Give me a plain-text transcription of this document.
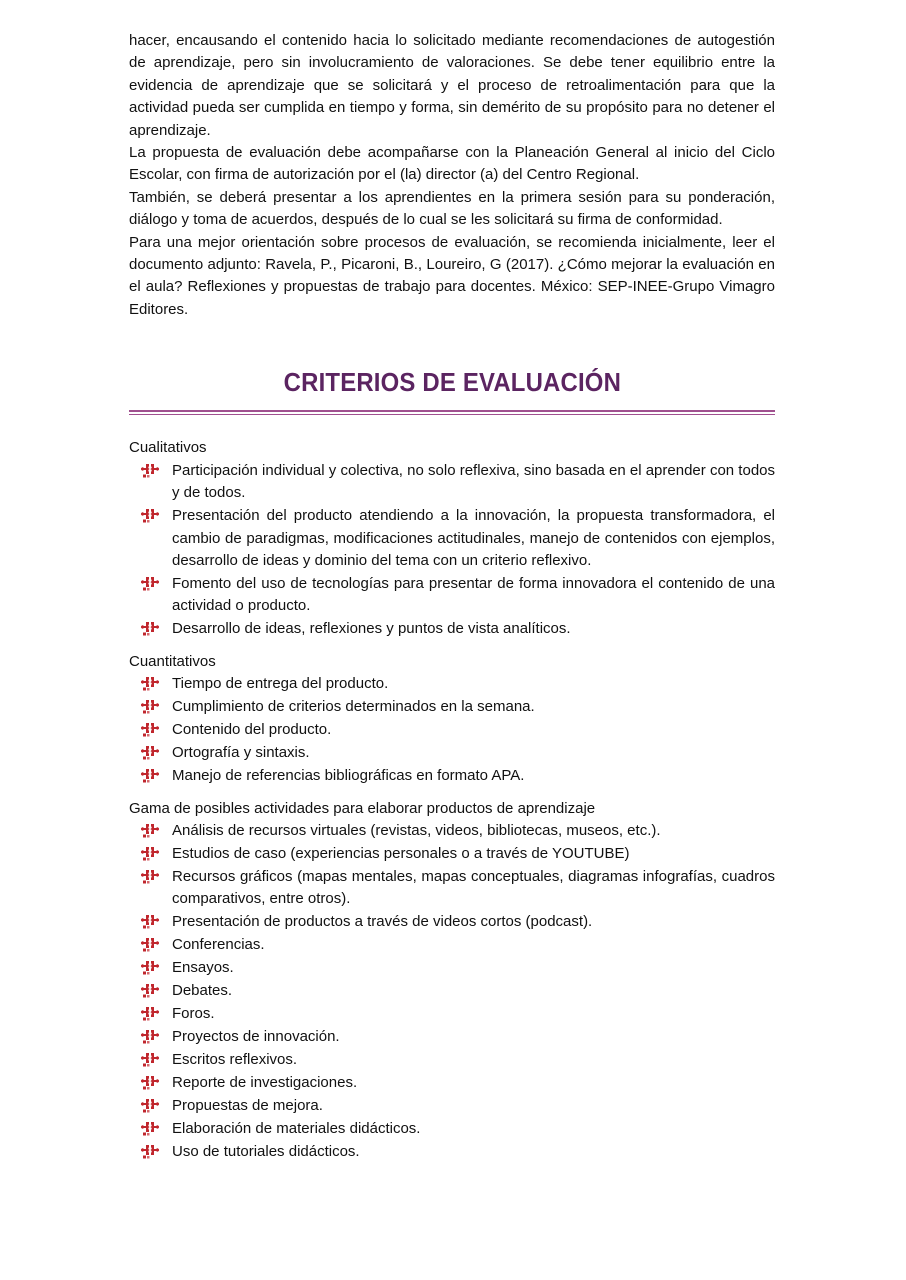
hacer, encausando el contenido hacia lo solicitado mediante recomendaciones de autogestión de aprendizaje, pero sin involucramiento de valoraciones. Se debe tener equilibrio entre la evidencia de aprendizaje que se solicitará y el proceso de retroalimentación para que la actividad pueda ser cumplida en tiempo y forma, sin demérito de su propósito para no detener el aprendizaje.

La propuesta de evaluación debe acompañarse con la Planeación General al inicio del Ciclo Escolar, con firma de autorización por el (la) director (a) del Centro Regional.

También, se deberá presentar a los aprendientes en la primera sesión para su ponderación, diálogo y toma de acuerdos, después de lo cual se les solicitará su firma de conformidad.

Para una mejor orientación sobre procesos de evaluación, se recomienda inicialmente, leer el documento adjunto: Ravela, P., Picaroni, B., Loureiro, G (2017). ¿Cómo mejorar la evaluación en el aula? Reflexiones y propuestas de trabajo para docentes. México: SEP-INEE-Grupo Vimagro Editores.

CRITERIOS DE EVALUACIÓN

Cualitativos

Participación individual y colectiva, no solo reflexiva, sino basada en el aprender con todos y de todos.
Presentación del producto atendiendo a la innovación, la propuesta transformadora, el cambio de paradigmas, modificaciones actitudinales, manejo de contenidos con ejemplos, desarrollo de ideas y dominio del tema con un criterio reflexivo.
Fomento del uso de tecnologías para presentar de forma innovadora el contenido de una actividad o producto.
Desarrollo de ideas, reflexiones y puntos de vista analíticos.

Cuantitativos

Tiempo de entrega del producto.
Cumplimiento de criterios determinados en la semana.
Contenido del producto.
Ortografía y sintaxis.
Manejo de referencias bibliográficas en formato APA.

Gama de posibles actividades para elaborar productos de aprendizaje

Análisis de recursos virtuales (revistas, videos, bibliotecas, museos, etc.).
Estudios de caso (experiencias personales o a través de YOUTUBE)
Recursos gráficos (mapas mentales, mapas conceptuales, diagramas infografías, cuadros comparativos, entre otros).
Presentación de productos a través de videos cortos (podcast).
Conferencias.
Ensayos.
Debates.
Foros.
Proyectos de innovación.
Escritos reflexivos.
Reporte de investigaciones.
Propuestas de mejora.
Elaboración de materiales didácticos.
Uso de tutoriales didácticos.
